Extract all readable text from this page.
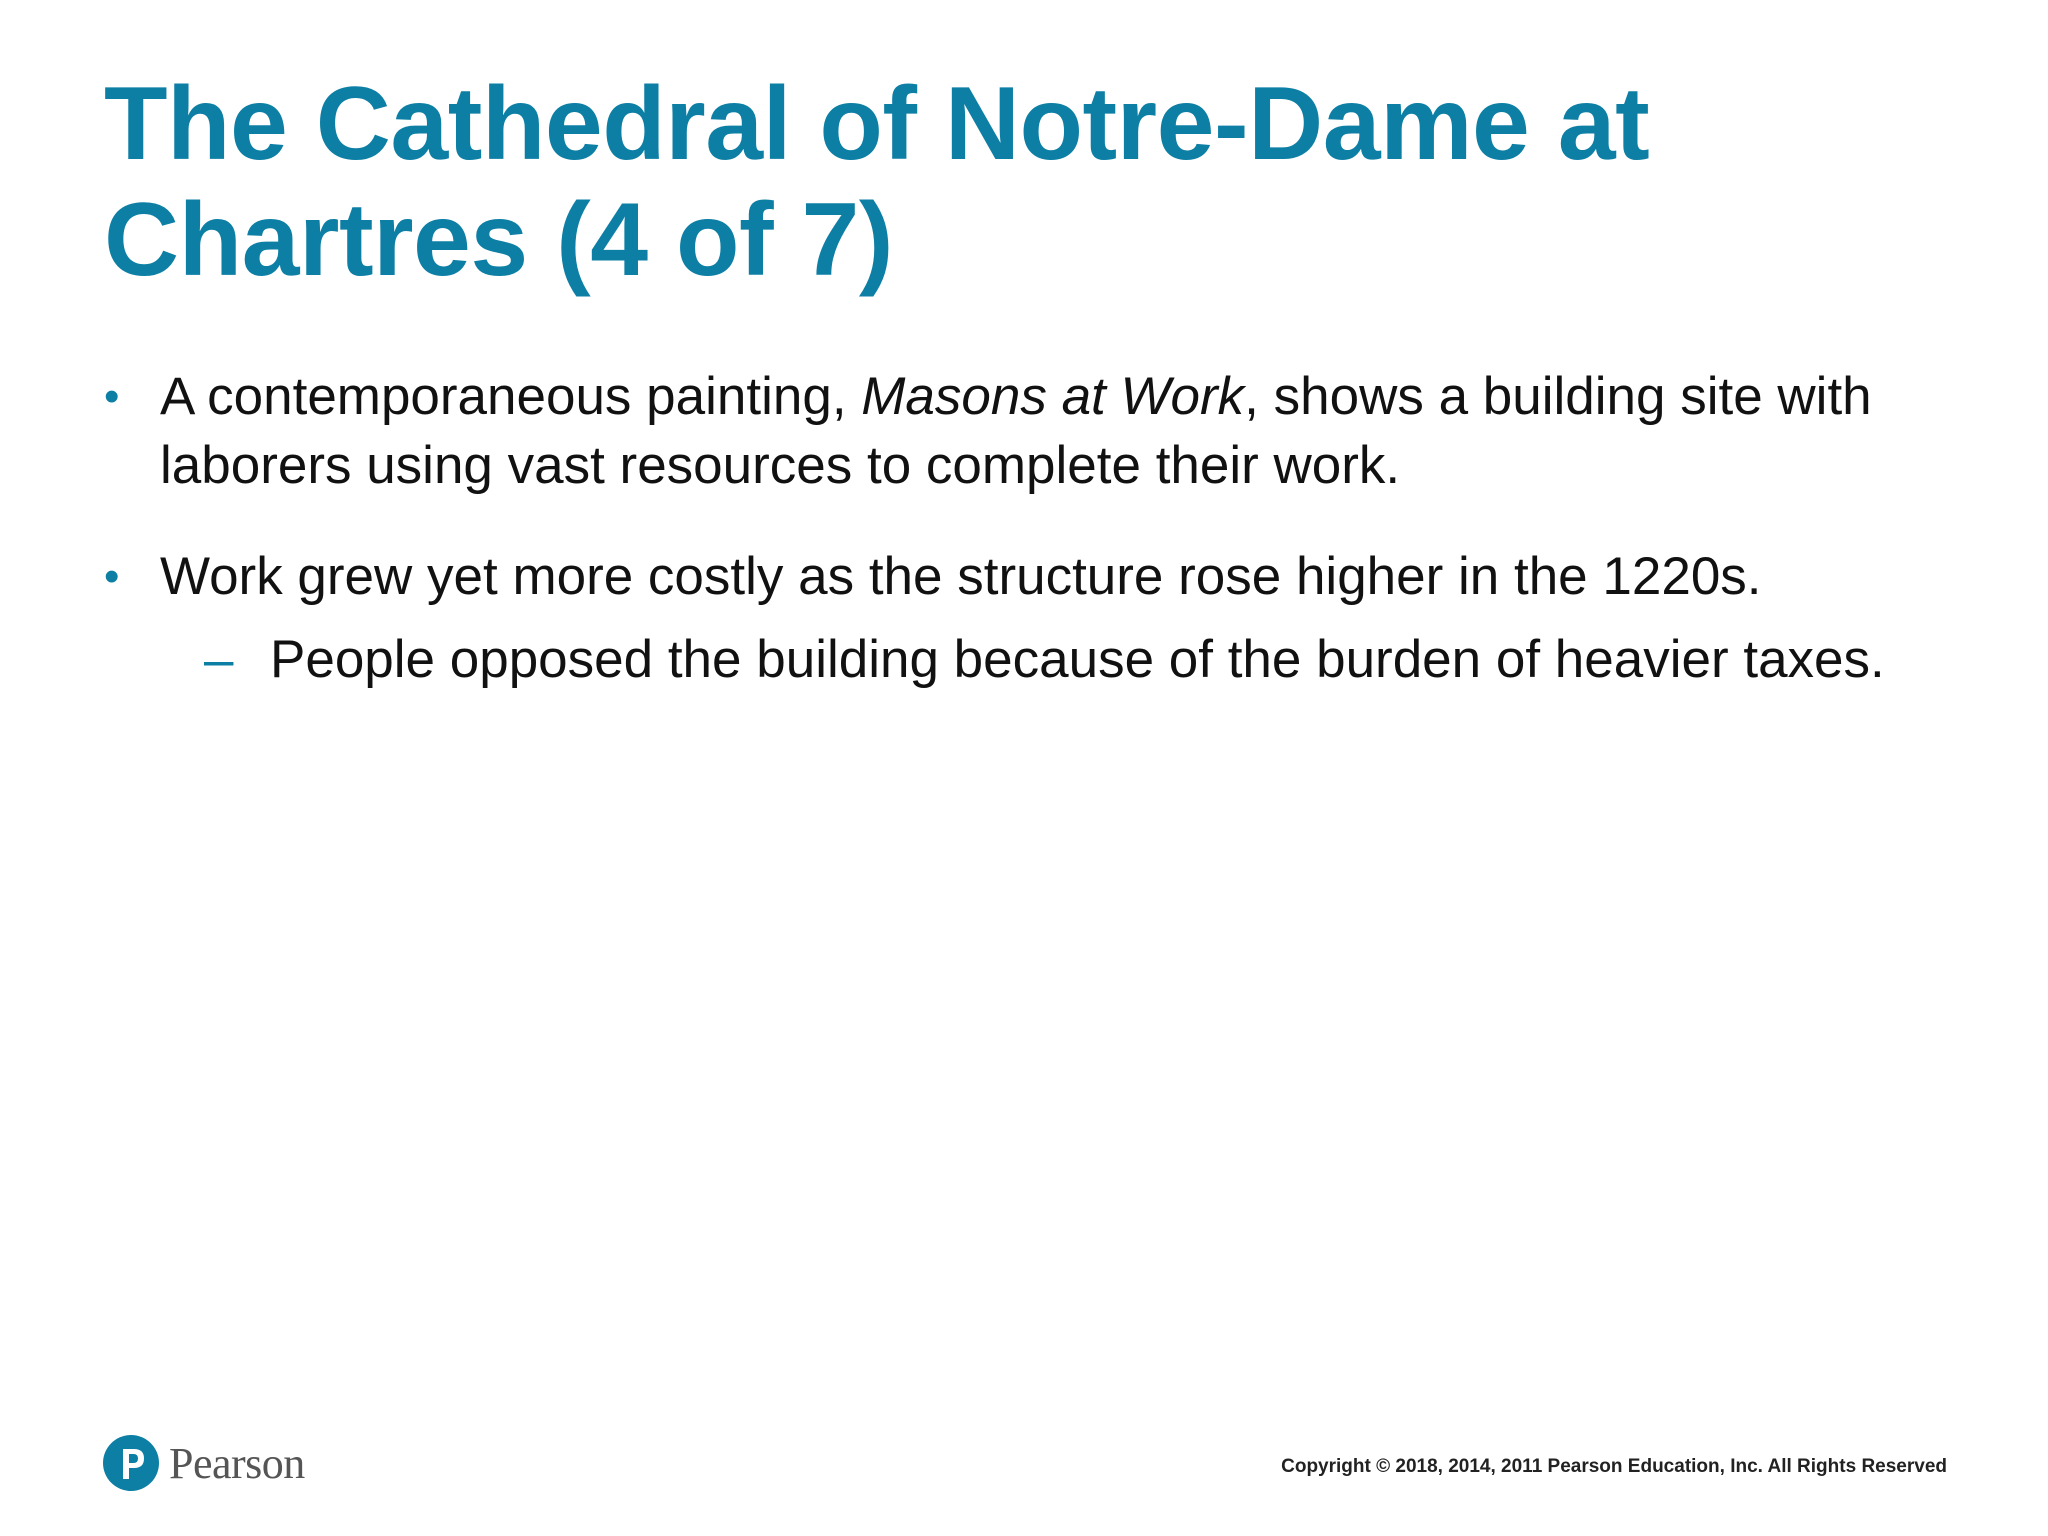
The Cathedral of Notre-Dame at
Chartres (4 of 7)
• A contemporaneous painting, Masons at Work, shows a building site with laborers using vast resources to complete their work.
• Work grew yet more costly as the structure rose higher in the 1220s.
– People opposed the building because of the burden of heavier taxes.
Pearson	Copyright © 2018, 2014, 2011 Pearson Education, Inc. All Rights Reserved
